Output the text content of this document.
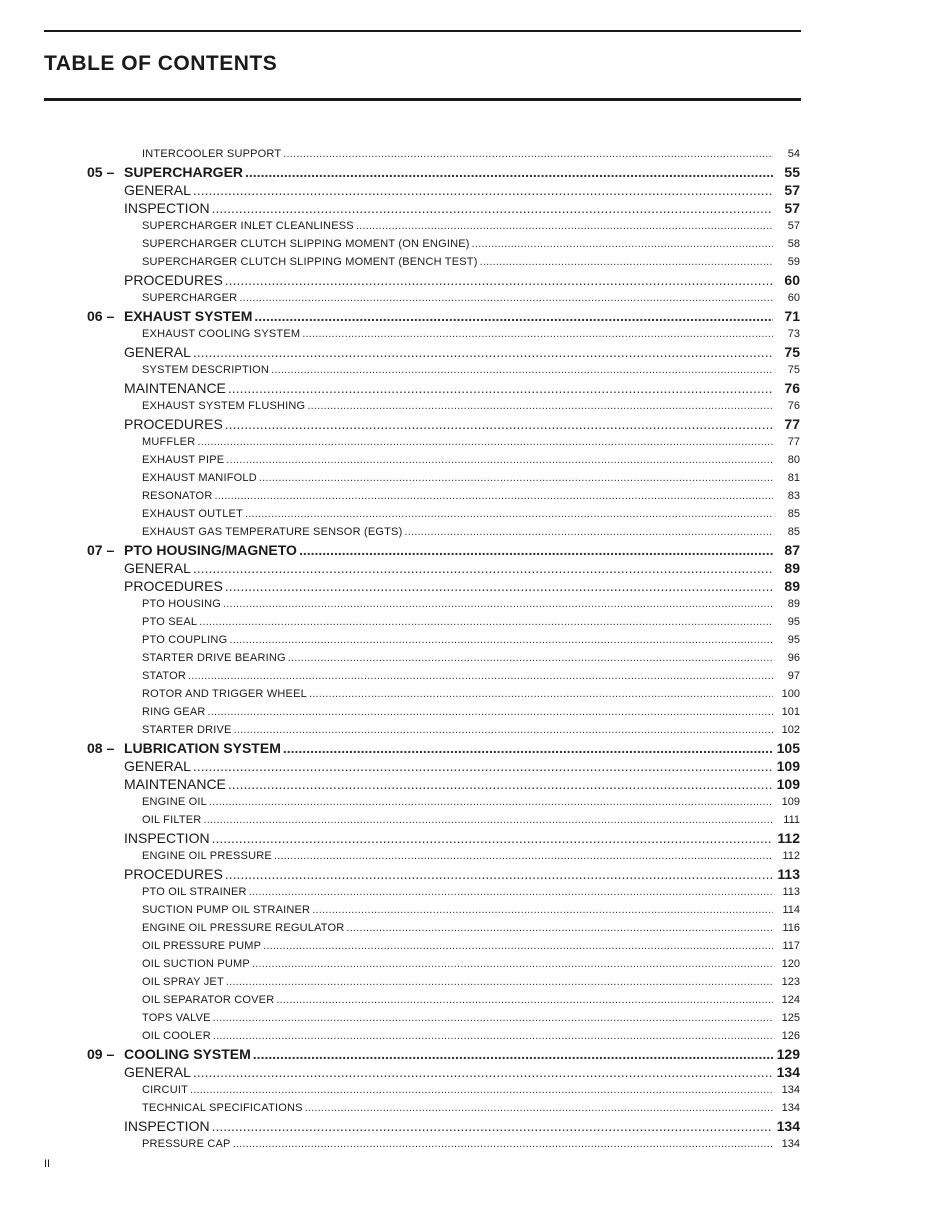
TABLE OF CONTENTS
INTERCOOLER SUPPORT .....	54
05 – SUPERCHARGER .....	55
GENERAL .....	57
INSPECTION .....	57
SUPERCHARGER INLET CLEANLINESS .....	57
SUPERCHARGER CLUTCH SLIPPING MOMENT (ON ENGINE) .....	58
SUPERCHARGER CLUTCH SLIPPING MOMENT (BENCH TEST) .....	59
PROCEDURES .....	60
SUPERCHARGER .....	60
06 – EXHAUST SYSTEM .....	71
EXHAUST COOLING SYSTEM .....	73
GENERAL .....	75
SYSTEM DESCRIPTION .....	75
MAINTENANCE .....	76
EXHAUST SYSTEM FLUSHING .....	76
PROCEDURES .....	77
MUFFLER .....	77
EXHAUST PIPE .....	80
EXHAUST MANIFOLD .....	81
RESONATOR .....	83
EXHAUST OUTLET .....	85
EXHAUST GAS TEMPERATURE SENSOR (EGTS) .....	85
07 – PTO HOUSING/MAGNETO .....	87
GENERAL .....	89
PROCEDURES .....	89
PTO HOUSING .....	89
PTO SEAL .....	95
PTO COUPLING .....	95
STARTER DRIVE BEARING .....	96
STATOR .....	97
ROTOR AND TRIGGER WHEEL .....	100
RING GEAR .....	101
STARTER DRIVE .....	102
08 – LUBRICATION SYSTEM .....	105
GENERAL .....	109
MAINTENANCE .....	109
ENGINE OIL .....	109
OIL FILTER .....	111
INSPECTION .....	112
ENGINE OIL PRESSURE .....	112
PROCEDURES .....	113
PTO OIL STRAINER .....	113
SUCTION PUMP OIL STRAINER .....	114
ENGINE OIL PRESSURE REGULATOR .....	116
OIL PRESSURE PUMP .....	117
OIL SUCTION PUMP .....	120
OIL SPRAY JET .....	123
OIL SEPARATOR COVER .....	124
TOPS VALVE .....	125
OIL COOLER .....	126
09 – COOLING SYSTEM .....	129
GENERAL .....	134
CIRCUIT .....	134
TECHNICAL SPECIFICATIONS .....	134
INSPECTION .....	134
PRESSURE CAP .....	134
II
